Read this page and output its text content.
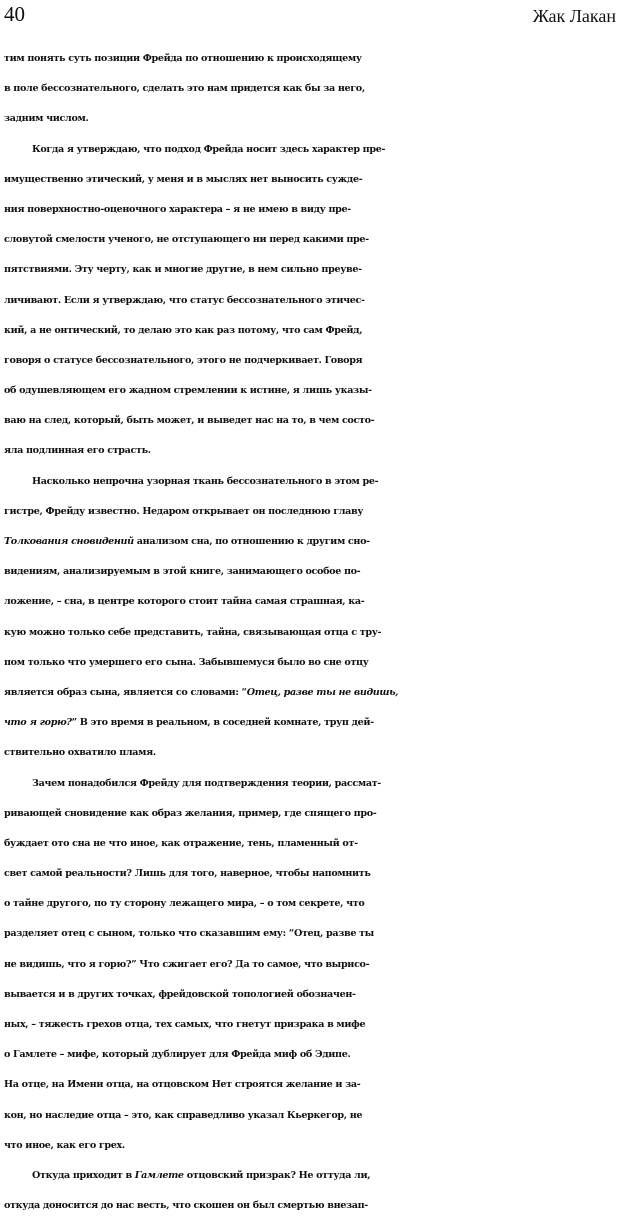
40	Жак Лакан
тим понять суть позиции Фрейда по отношению к происходящему
в поле бессознательного, сделать это нам придется как бы за него,
задним числом.
Когда я утверждаю, что подход Фрейда носит здесь характер пре-
имущественно этический, у меня и в мыслях нет выносить сужде-
ния поверхностно-оценочного характера – я не имею в виду пре-
словутой смелости ученого, не отступающего ни перед какими пре-
пятствиями. Эту черту, как и многие другие, в нем сильно преуве-
личивают. Если я утверждаю, что статус бессознательного этичес-
кий, а не онтический, то делаю это как раз потому, что сам Фрейд,
говоря о статусе бессознательного, этого не подчеркивает. Говоря
об одушевляющем его жадном стремлении к истине, я лишь указы-
ваю на след, который, быть может, и выведет нас на то, в чем состо-
яла подлинная его страсть.
Насколько непрочна узорная ткань бессознательного в этом ре-
гистре, Фрейду известно. Недаром открывает он последнюю главу
Толкования сновидений анализом сна, по отношению к другим сно-
видениям, анализируемым в этой книге, занимающего особое по-
ложение, – сна, в центре которого стоит тайна самая страшная, ка-
кую можно только себе представить, тайна, связывающая отца с тру-
пом только что умершего его сына. Забывшемуся было во сне отцу
является образ сына, является со словами: “Отец, разве ты не видишь,
что я горю?” В это время в реальном, в соседней комнате, труп дей-
ствительно охватило пламя.
Зачем понадобился Фрейду для подтверждения теории, рассмат-
ривающей сновидение как образ желания, пример, где спящего про-
буждает ото сна не что иное, как отражение, тень, пламенный от-
свет самой реальности? Лишь для того, наверное, чтобы напомнить
о тайне другого, по ту сторону лежащего мира, – о том секрете, что
разделяет отец с сыном, только что сказавшим ему: “Отец, разве ты
не видишь, что я горю?” Что сжигает его? Да то самое, что вырисо-
вывается и в других точках, фрейдовской топологией обозначен-
ных, – тяжесть грехов отца, тех самых, что гнетут призрака в мифе
о Гамлете – мифе, который дублирует для Фрейда миф об Эдипе.
На отце, на Имени отца, на отцовском Нет строятся желание и за-
кон, но наследие отца – это, как справедливо указал Кьеркегор, не
что иное, как его грех.
Откуда приходит в Гамлете отцовский призрак? Не оттуда ли,
откуда доносится до нас весть, что скошен он был смертью внезап-
